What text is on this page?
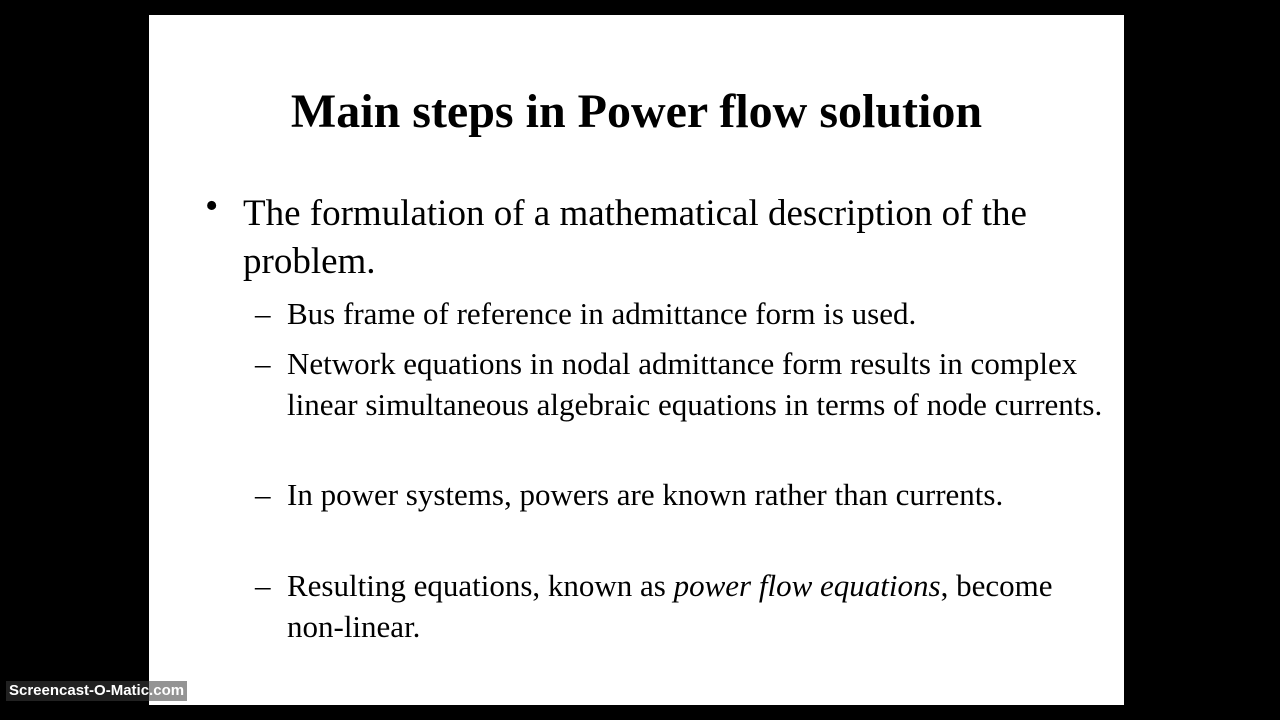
Main steps in Power flow solution
• The formulation of a mathematical description of the problem.
– Bus frame of reference in admittance form is used.
– Network equations in nodal admittance form results in complex linear simultaneous algebraic equations in terms of node currents.
– In power systems, powers are known rather than currents.
– Resulting equations, known as power flow equations, become non-linear.
Screencast-O-Matic.com
